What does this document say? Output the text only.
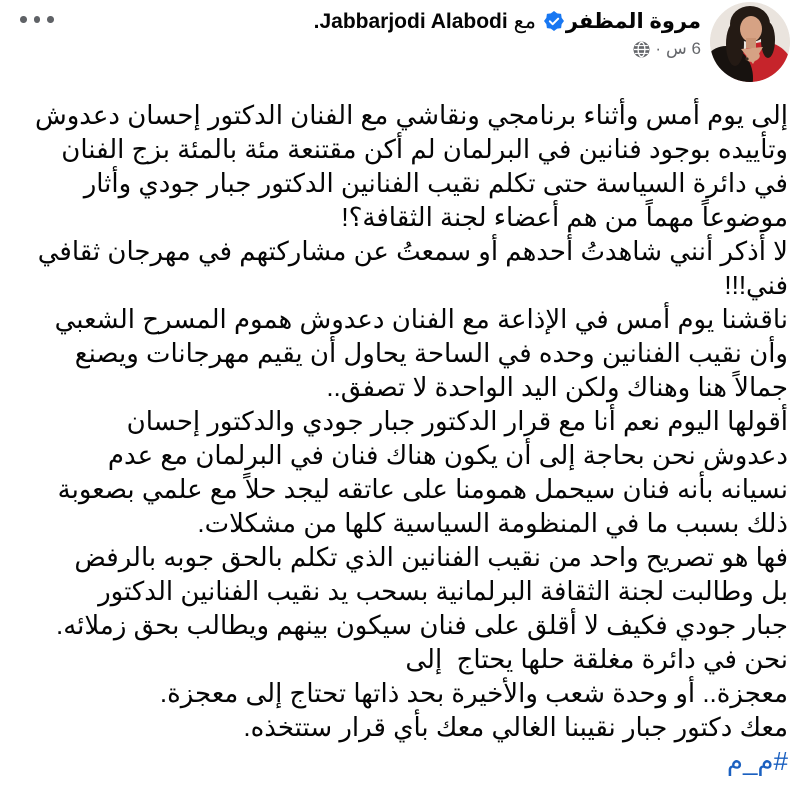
مروة المظفر مع Jabbarjodi Alabodi.
6 س
·
إلى يوم أمس وأثناء برنامجي ونقاشي مع الفنان الدكتور إحسان دعدوش
وتأييده بوجود فنانين في البرلمان لم أكن مقتنعة مئة بالمئة بزج الفنان
في دائرة السياسة حتى تكلم نقيب الفنانين الدكتور جبار جودي وأثار
موضوعاً مهماً من هم أعضاء لجنة الثقافة؟!
لا أذكر أنني شاهدتُ أحدهم أو سمعتُ عن مشاركتهم في مهرجان ثقافي
فني!!!
ناقشنا يوم أمس في الإذاعة مع الفنان دعدوش هموم المسرح الشعبي
وأن نقيب الفنانين وحده في الساحة يحاول أن يقيم مهرجانات ويصنع
جمالاً هنا وهناك ولكن اليد الواحدة لا تصفق..
أقولها اليوم نعم أنا مع قرار الدكتور جبار جودي والدكتور إحسان
دعدوش نحن بحاجة إلى أن يكون هناك فنان في البرلمان مع عدم
نسيانه بأنه فنان سيحمل همومنا على عاتقه ليجد حلاً مع علمي بصعوبة
ذلك بسبب ما في المنظومة السياسية كلها من مشكلات.
فها هو تصريح واحد من نقيب الفنانين الذي تكلم بالحق جوبه بالرفض
بل وطالبت لجنة الثقافة البرلمانية بسحب يد نقيب الفنانين الدكتور
جبار جودي فكيف لا أقلق على فنان سيكون بينهم ويطالب بحق زملائه.
نحن في دائرة مغلقة حلها يحتاج  إلى
معجزة.. أو وحدة شعب والأخيرة بحد ذاتها تحتاج إلى معجزة.
معك دكتور جبار نقيبنا الغالي معك بأي قرار ستتخذه.
#م_م
